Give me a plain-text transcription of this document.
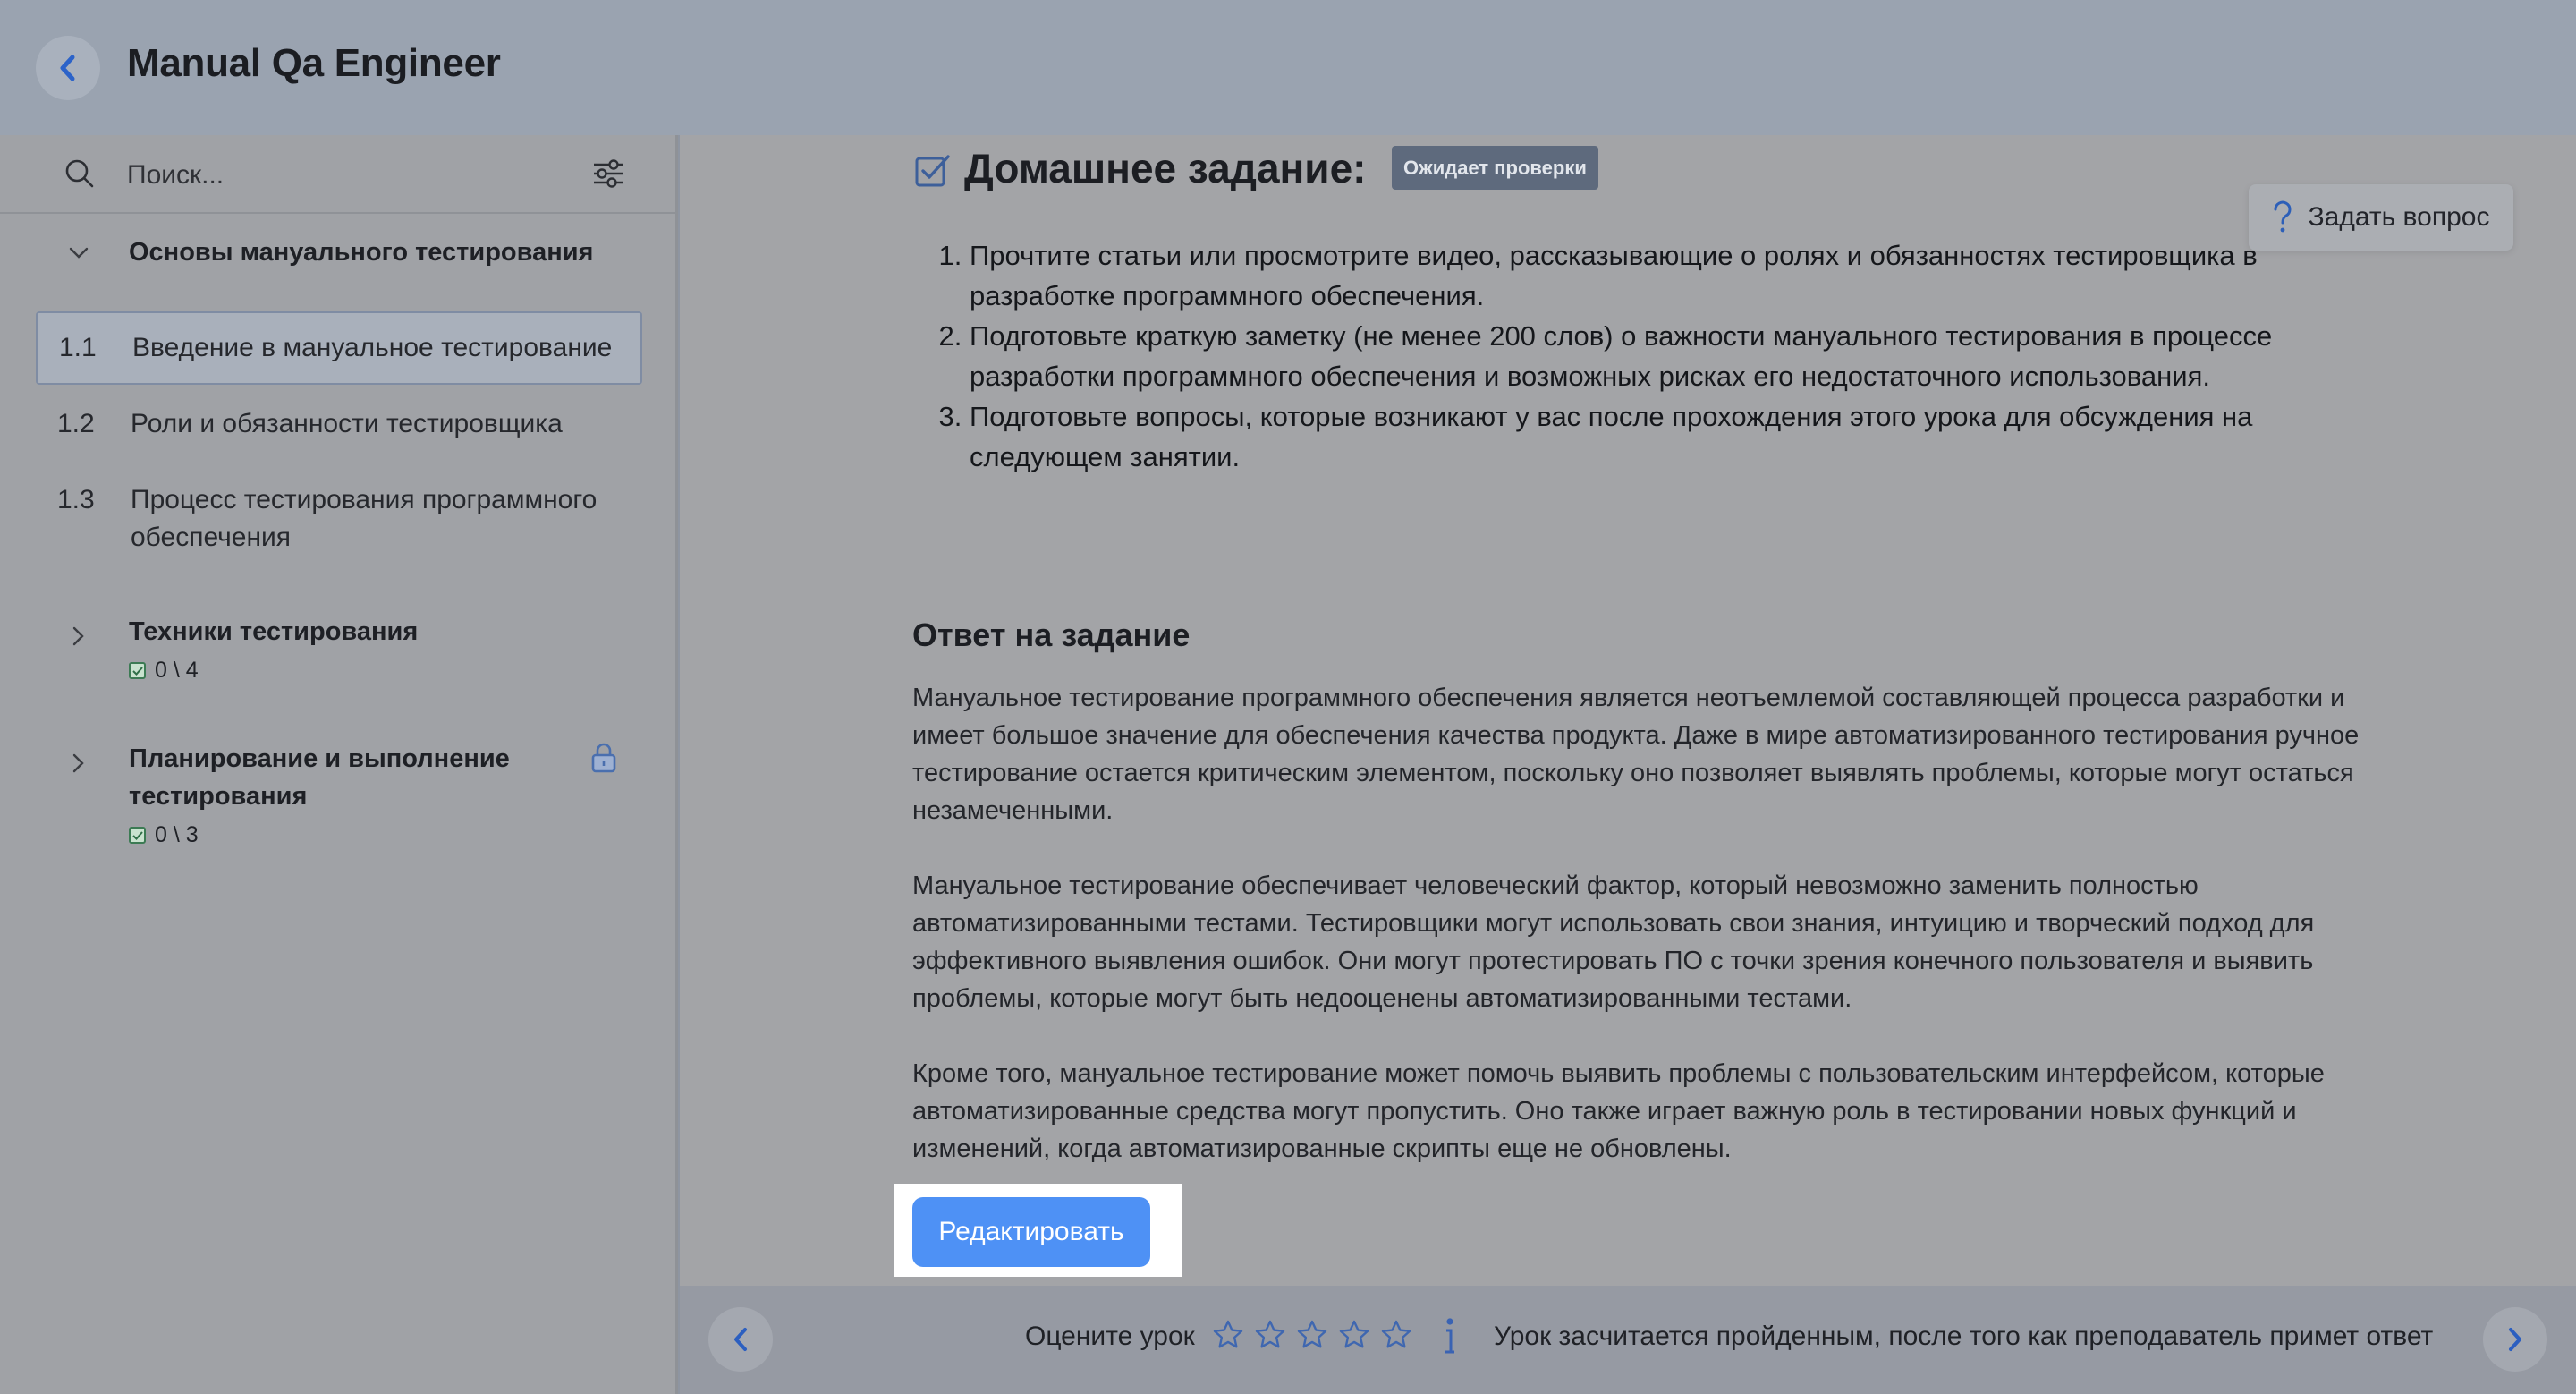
Manual Qa Engineer
Поиск...
Основы мануального тестирования
1.1 Введение в мануальное тестирование
1.2 Роли и обязанности тестировщика
1.3 Процесс тестирования программного обеспечения
Техники тестирования
0 \ 4
Планирование и выполнение тестирования
0 \ 3
Домашнее задание:	Ожидает проверки
Задать вопрос
1. Прочтите статьи или просмотрите видео, рассказывающие о ролях и обязанностях тестировщика в разработке программного обеспечения.
2. Подготовьте краткую заметку (не менее 200 слов) о важности мануального тестирования в процессе разработки программного обеспечения и возможных рисках его недостаточного использования.
3. Подготовьте вопросы, которые возникают у вас после прохождения этого урока для обсуждения на следующем занятии.
Ответ на задание

Мануальное тестирование программного обеспечения является неотъемлемой составляющей процесса разработки и имеет большое значение для обеспечения качества продукта. Даже в мире автоматизированного тестирования ручное тестирование остается критическим элементом, поскольку оно позволяет выявлять проблемы, которые могут остаться незамеченными.

Мануальное тестирование обеспечивает человеческий фактор, который невозможно заменить полностью автоматизированными тестами. Тестировщики могут использовать свои знания, интуицию и творческий подход для эффективного выявления ошибок. Они могут протестировать ПО с точки зрения конечного пользователя и выявить проблемы, которые могут быть недооценены автоматизированными тестами.

Кроме того, мануальное тестирование может помочь выявить проблемы с пользовательским интерфейсом, которые автоматизированные средства могут пропустить. Оно также играет важную роль в тестировании новых функций и изменений, когда автоматизированные скрипты еще не обновлены.

Редактировать
Оцените урок	Урок засчитается пройденным, после того как преподаватель примет ответ
